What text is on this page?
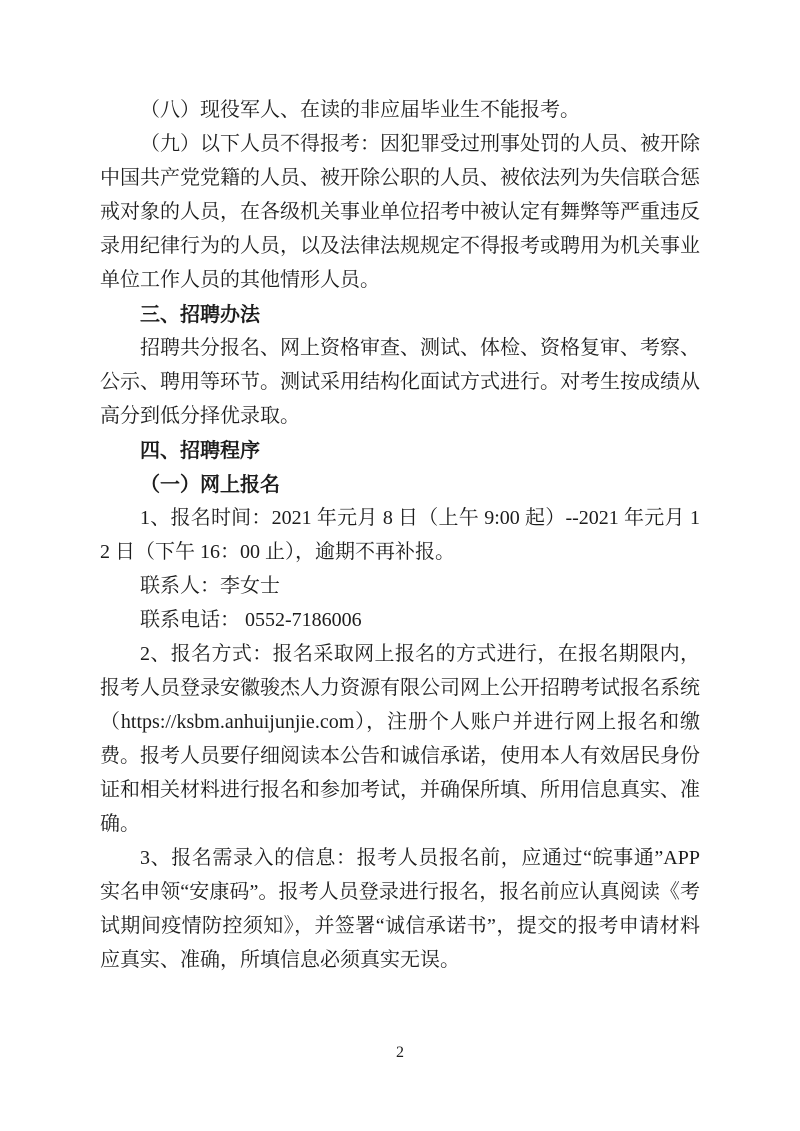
（八）现役军人、在读的非应届毕业生不能报考。

（九）以下人员不得报考：因犯罪受过刑事处罚的人员、被开除中国共产党党籍的人员、被开除公职的人员、被依法列为失信联合惩戒对象的人员，在各级机关事业单位招考中被认定有舞弊等严重违反录用纪律行为的人员，以及法律法规规定不得报考或聘用为机关事业单位工作人员的其他情形人员。

三、招聘办法

招聘共分报名、网上资格审查、测试、体检、资格复审、考察、公示、聘用等环节。测试采用结构化面试方式进行。对考生按成绩从高分到低分择优录取。

四、招聘程序

（一）网上报名

1、报名时间：2021 年元月 8 日（上午 9:00 起）--2021 年元月 12 日（下午 16：00 止），逾期不再补报。

联系人：李女士

联系电话： 0552-7186006

2、报名方式：报名采取网上报名的方式进行，在报名期限内，报考人员登录安徽骏杰人力资源有限公司网上公开招聘考试报名系统（https://ksbm.anhuijunjie.com），注册个人账户并进行网上报名和缴费。报考人员要仔细阅读本公告和诚信承诺，使用本人有效居民身份证和相关材料进行报名和参加考试，并确保所填、所用信息真实、准确。

3、报名需录入的信息：报考人员报名前，应通过“皖事通”APP 实名申领“安康码”。报考人员登录进行报名，报名前应认真阅读《考试期间疫情防控须知》，并签署“诚信承诺书”，提交的报考申请材料应真实、准确，所填信息必须真实无误。

2
